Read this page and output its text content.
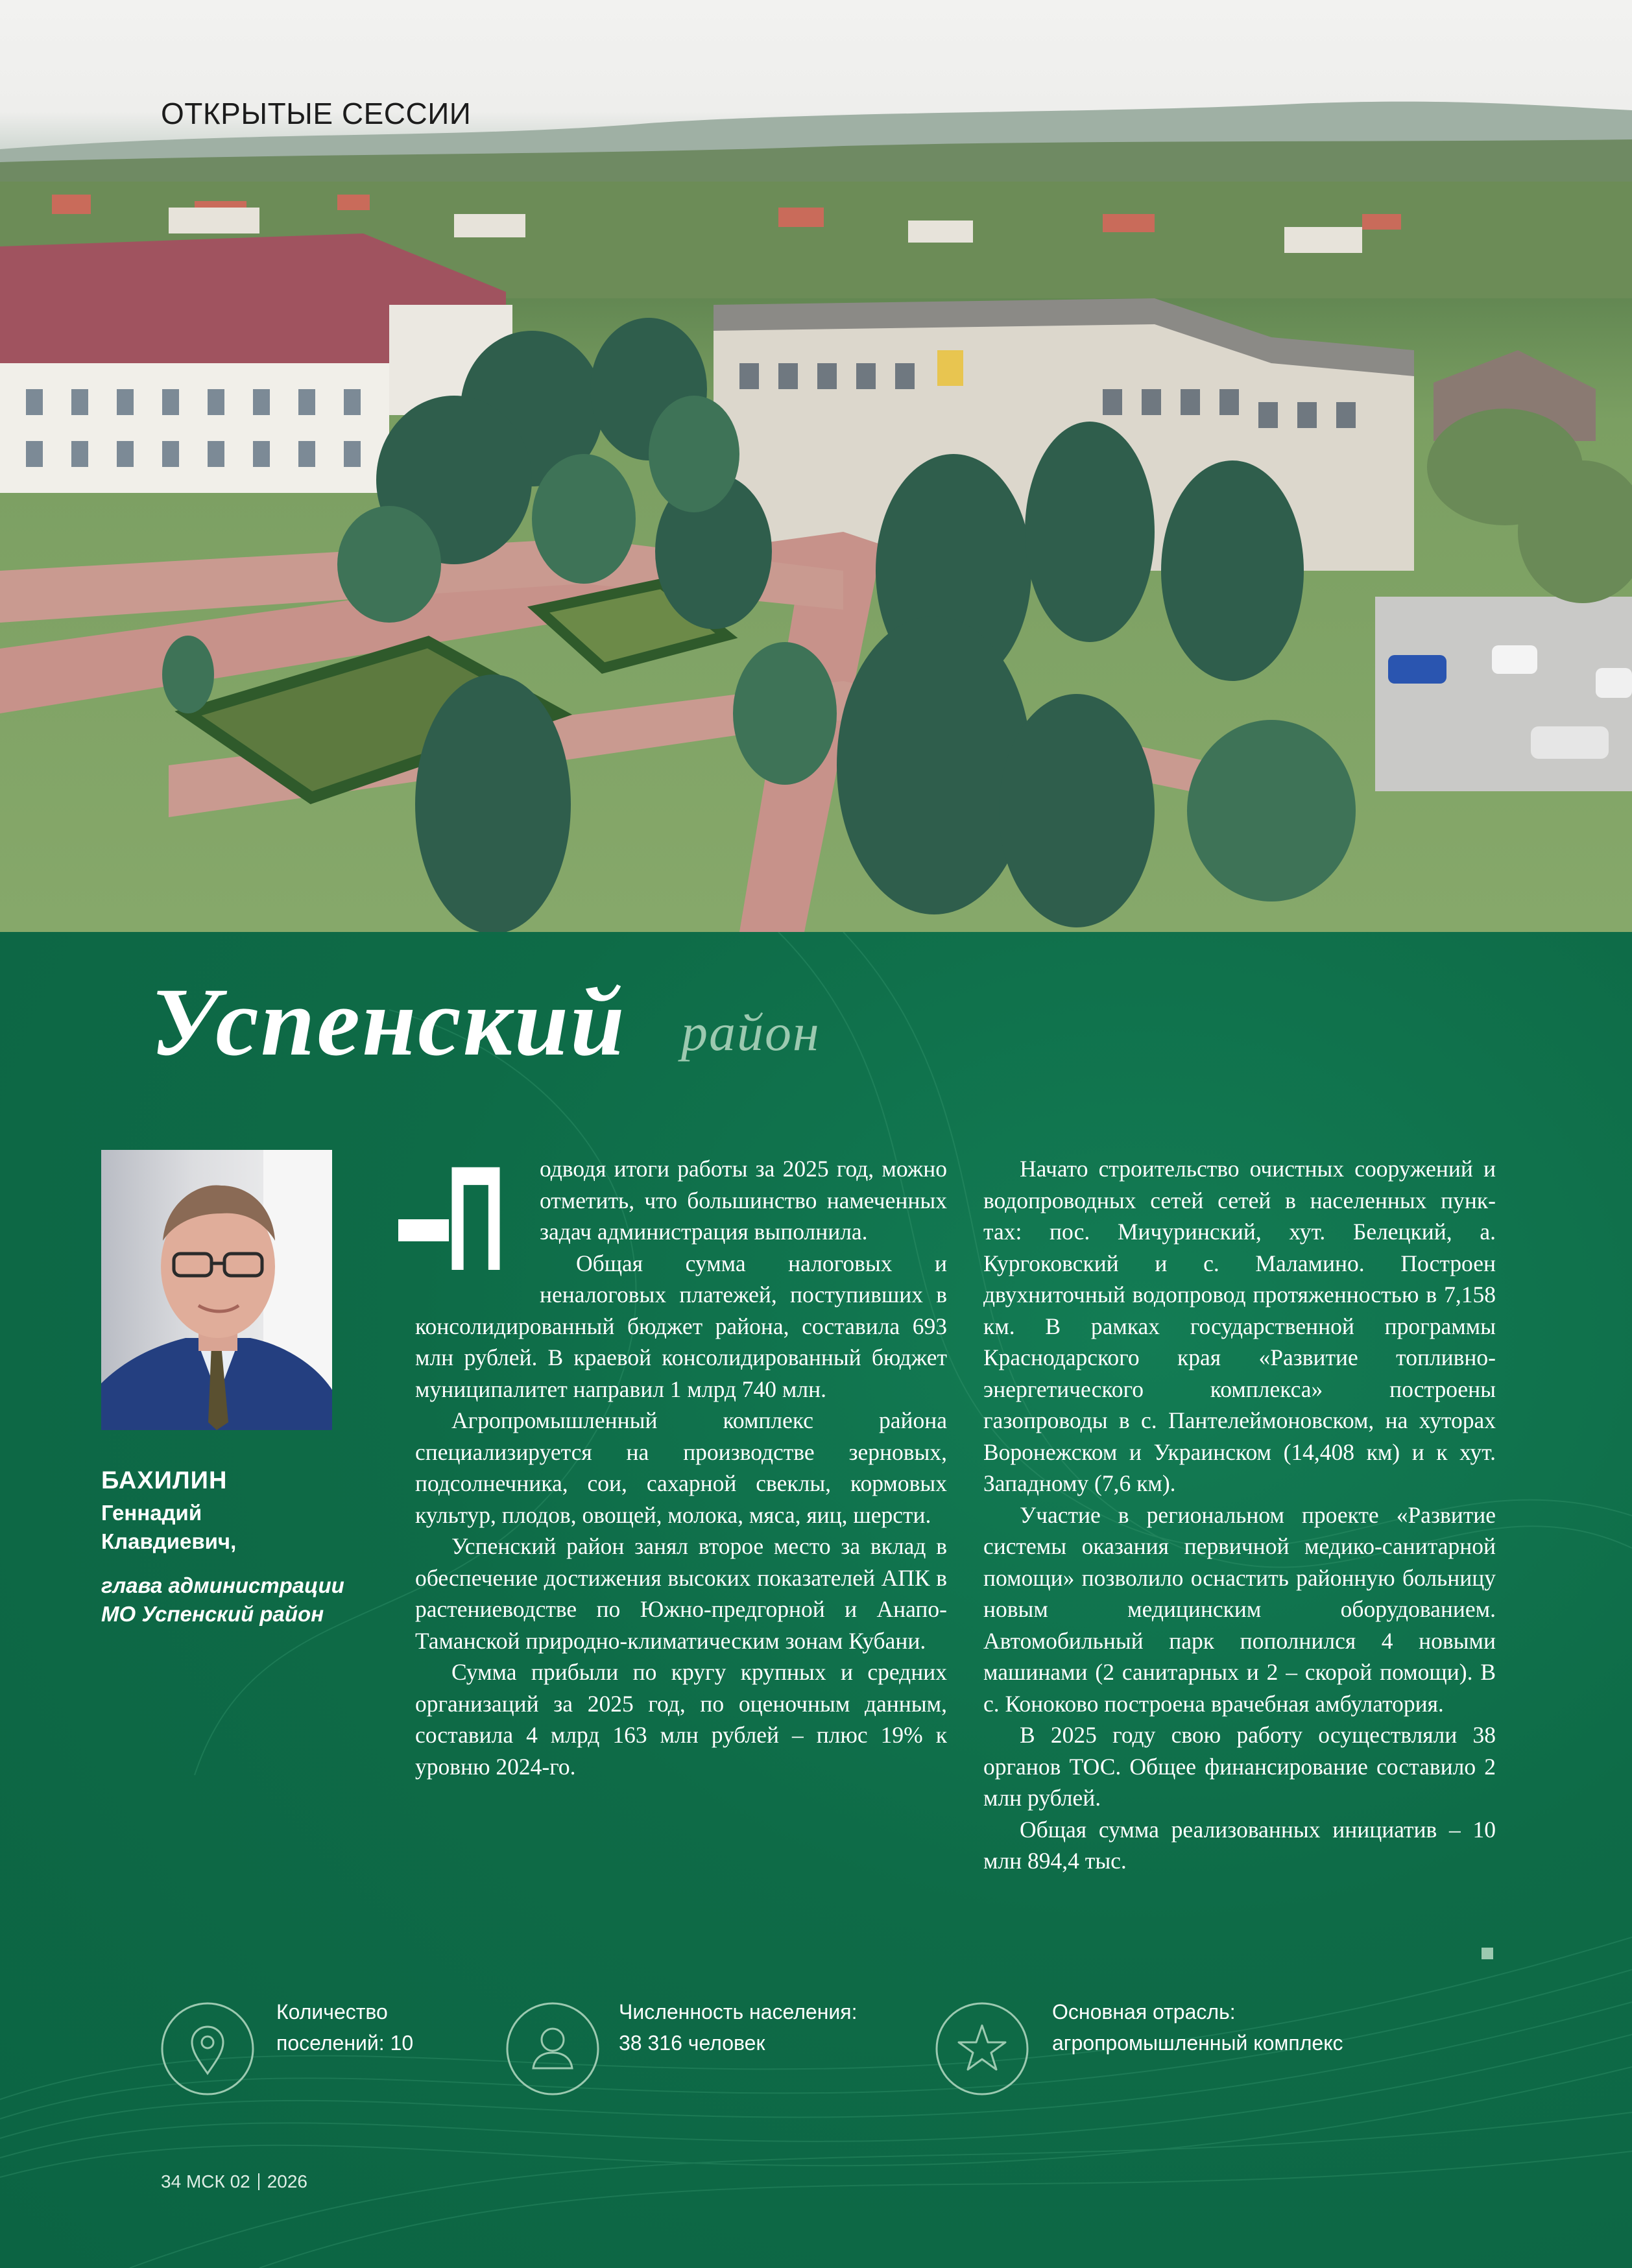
ОТКРЫТЫЕ СЕССИИ
Успенский район
БАХИЛИН
Геннадий
Клавдиевич,
глава администрации
МО Успенский район
П	одводя итоги работы за 2025 год, можно отметить, что большинство намеченных задач администрация выполнила.

Общая сумма налоговых и неналоговых платежей, поступивших в консолидированный бюджет района, составила 693 млн рублей. В краевой консолидированный бюджет муниципалитет направил 1 млрд 740 млн.

Агропромышленный комплекс района специализируется на производстве зерновых, подсолнечника, сои, сахарной свеклы, кормовых культур, плодов, овощей, молока, мяса, яиц, шерсти.

Успенский район занял второе место за вклад в обеспечение достижения высоких показателей АПК в растениеводстве по Южно-предгорной и Анапо-Таманской природно-климатическим зонам Кубани.

Сумма прибыли по кругу крупных и средних организаций за 2025 год, по оценочным данным, составила 4 млрд 163 млн рублей – плюс 19% к уровню 2024-го.

Начато строительство очистных сооружений и водопроводных сетей сетей в населенных пунк- тах: пос. Мичуринский, хут. Белецкий, а. Кургоковский и с. Маламино. Построен двухниточный водопровод протяженностью в 7,158 км. В рамках государственной программы Краснодарского края «Развитие топливно-энергетического комплекса» построены газопроводы в с. Пантелеймоновском, на хуторах Воронежском и Украинском (14,408 км) и к хут. Западному (7,6 км).

Участие в региональном проекте «Развитие системы оказания первичной медико-санитарной помощи» позволило оснастить районную больницу новым медицинским оборудованием. Автомобильный парк пополнился 4 новыми машинами (2 санитарных и 2 – скорой помощи). В с. Коноково построена врачебная амбулатория.

В 2025 году свою работу осуществляли 38 органов ТОС. Общее финансирование составило 2 млн рублей.

Общая сумма реализованных инициатив – 10 млн 894,4 тыс.

Количество
поселений: 10
Численность населения:
38 316 человек
Основная отрасль:
агропромышленный комплекс
34 МСК 02 2026
